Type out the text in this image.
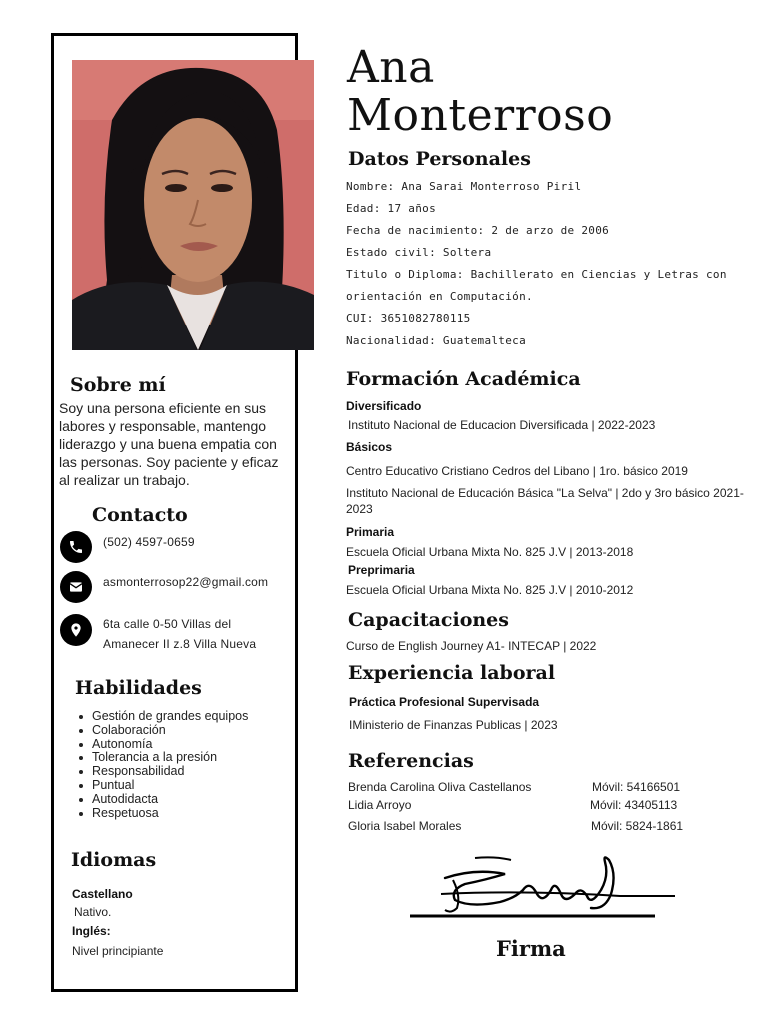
Sobre mí
Soy una persona eficiente en sus labores y responsable, mantengo liderazgo y una buena empatia con las personas. Soy paciente y eficaz al realizar un trabajo.
Contacto
(502) 4597-0659
asmonterrosop22@gmail.com
6ta calle 0-50 Villas del
Amanecer II z.8 Villa Nueva
Habilidades
Gestión de grandes equipos
Colaboración
Autonomía
Tolerancia a la presión
Responsabilidad
Puntual
Autodidacta
Respetuosa
Idiomas
Castellano
Nativo.
Inglés:
Nivel principiante
Ana
Monterroso
Datos Personales
Nombre: Ana Sarai Monterroso Piril
Edad: 17 años
Fecha de nacimiento: 2 de arzo de 2006
Estado civil: Soltera
Titulo o Diploma: Bachillerato en Ciencias y Letras con
orientación en Computación.
CUI: 3651082780115
Nacionalidad: Guatemalteca
Formación Académica
Diversificado
Instituto Nacional de Educacion Diversificada | 2022-2023
Básicos
Centro Educativo Cristiano Cedros del Libano | 1ro. básico 2019
Instituto Nacional de Educación Básica "La Selva" | 2do y 3ro básico 2021-2023
Primaria
Escuela Oficial Urbana Mixta No. 825 J.V | 2013-2018
Preprimaria
Escuela Oficial Urbana Mixta No. 825 J.V | 2010-2012
Capacitaciones
Curso de English Journey A1- INTECAP | 2022
Experiencia laboral
Práctica Profesional Supervisada
IMinisterio de Finanzas Publicas | 2023
Referencias
Brenda Carolina Oliva Castellanos	Móvil: 54166501
Lidia Arroyo	Móvil: 43405113
Gloria Isabel Morales	Móvil: 5824-1861
Firma
